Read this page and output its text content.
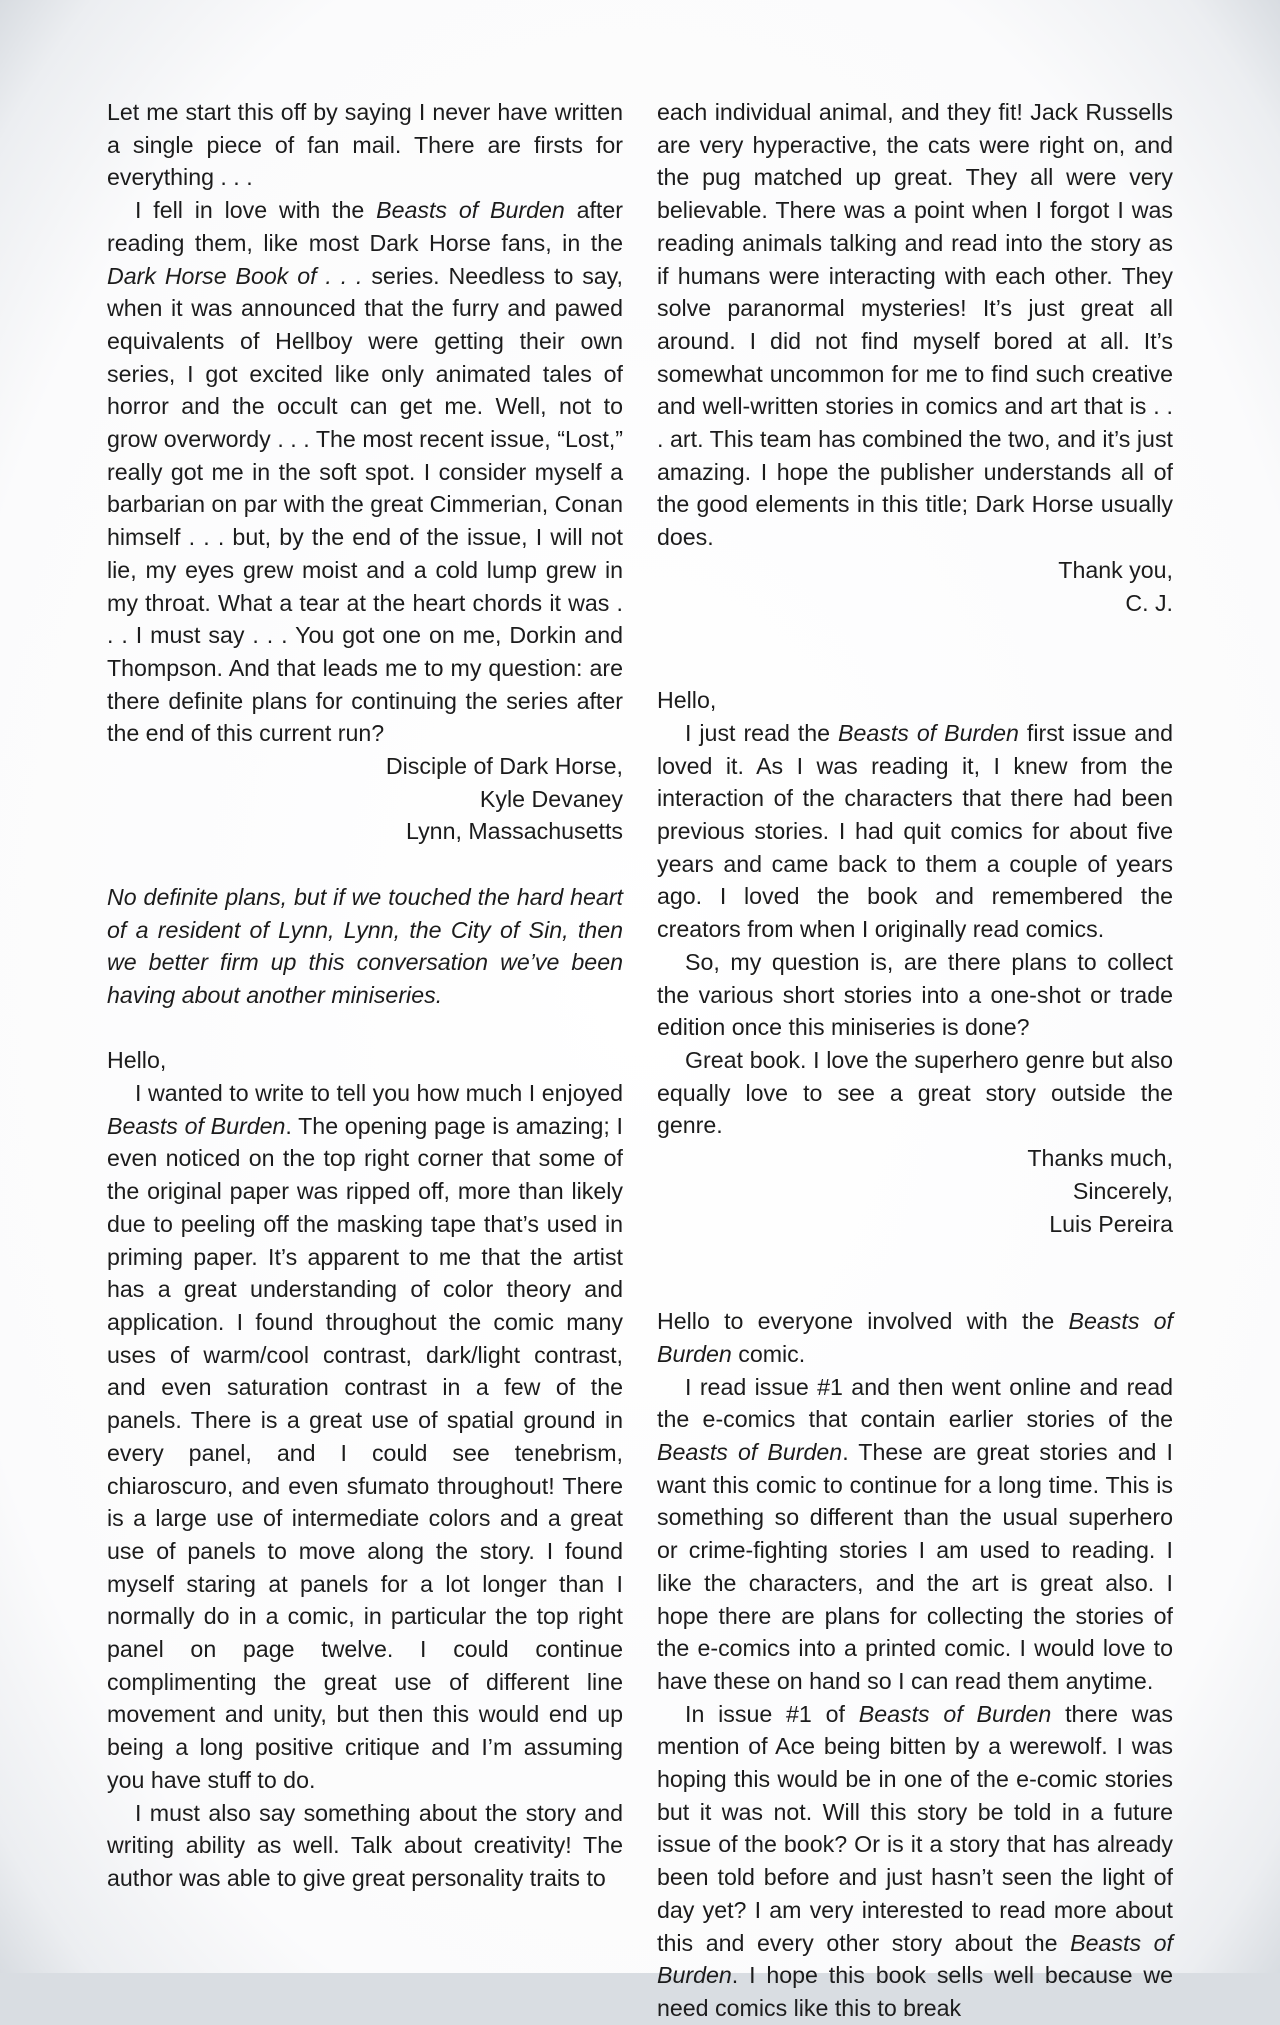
Let me start this off by saying I never have written a single piece of fan mail. There are firsts for everything . . .

I fell in love with the Beasts of Burden after reading them, like most Dark Horse fans, in the Dark Horse Book of . . . series. Needless to say, when it was announced that the furry and pawed equivalents of Hellboy were getting their own series, I got excited like only animated tales of horror and the occult can get me. Well, not to grow overwordy . . . The most recent issue, “Lost,” really got me in the soft spot. I consider myself a barbarian on par with the great Cimmerian, Conan himself . . . but, by the end of the issue, I will not lie, my eyes grew moist and a cold lump grew in my throat. What a tear at the heart chords it was . . . I must say . . . You got one on me, Dorkin and Thompson. And that leads me to my question: are there definite plans for continuing the series after the end of this current run?

Disciple of Dark Horse,

Kyle Devaney

Lynn, Massachusetts

No definite plans, but if we touched the hard heart of a resident of Lynn, Lynn, the City of Sin, then we better firm up this conversation we’ve been having about another miniseries.

Hello,

I wanted to write to tell you how much I enjoyed Beasts of Burden. The opening page is amazing; I even noticed on the top right corner that some of the original paper was ripped off, more than likely due to peeling off the masking tape that’s used in priming paper. It’s apparent to me that the artist has a great understanding of color theory and application. I found throughout the comic many uses of warm/cool contrast, dark/light contrast, and even saturation contrast in a few of the panels. There is a great use of spatial ground in every panel, and I could see tenebrism, chiaroscuro, and even sfumato throughout! There is a large use of intermediate colors and a great use of panels to move along the story. I found myself staring at panels for a lot longer than I normally do in a comic, in particular the top right panel on page twelve. I could continue complimenting the great use of different line movement and unity, but then this would end up being a long positive critique and I’m assuming you have stuff to do.

I must also say something about the story and writing ability as well. Talk about creativity! The author was able to give great personality traits to

each individual animal, and they fit! Jack Russells are very hyperactive, the cats were right on, and the pug matched up great. They all were very believable. There was a point when I forgot I was reading animals talking and read into the story as if humans were interacting with each other. They solve paranormal mysteries! It’s just great all around. I did not find myself bored at all. It’s somewhat uncommon for me to find such creative and well-written stories in comics and art that is . . . art. This team has combined the two, and it’s just amazing. I hope the publisher understands all of the good elements in this title; Dark Horse usually does.

Thank you,

C. J.

Hello,

I just read the Beasts of Burden first issue and loved it. As I was reading it, I knew from the interaction of the characters that there had been previous stories. I had quit comics for about five years and came back to them a couple of years ago. I loved the book and remembered the creators from when I originally read comics.

So, my question is, are there plans to collect the various short stories into a one-shot or trade edition once this miniseries is done?

Great book. I love the superhero genre but also equally love to see a great story outside the genre.

Thanks much,

Sincerely,

Luis Pereira

Hello to everyone involved with the Beasts of Burden comic.

I read issue #1 and then went online and read the e-comics that contain earlier stories of the Beasts of Burden. These are great stories and I want this comic to continue for a long time. This is something so different than the usual superhero or crime-fighting stories I am used to reading. I like the characters, and the art is great also. I hope there are plans for collecting the stories of the e-comics into a printed comic. I would love to have these on hand so I can read them anytime.

In issue #1 of Beasts of Burden there was mention of Ace being bitten by a werewolf. I was hoping this would be in one of the e-comic stories but it was not. Will this story be told in a future issue of the book? Or is it a story that has already been told before and just hasn’t seen the light of day yet? I am very interested to read more about this and every other story about the Beasts of Burden. I hope this book sells well because we need comics like this to break
